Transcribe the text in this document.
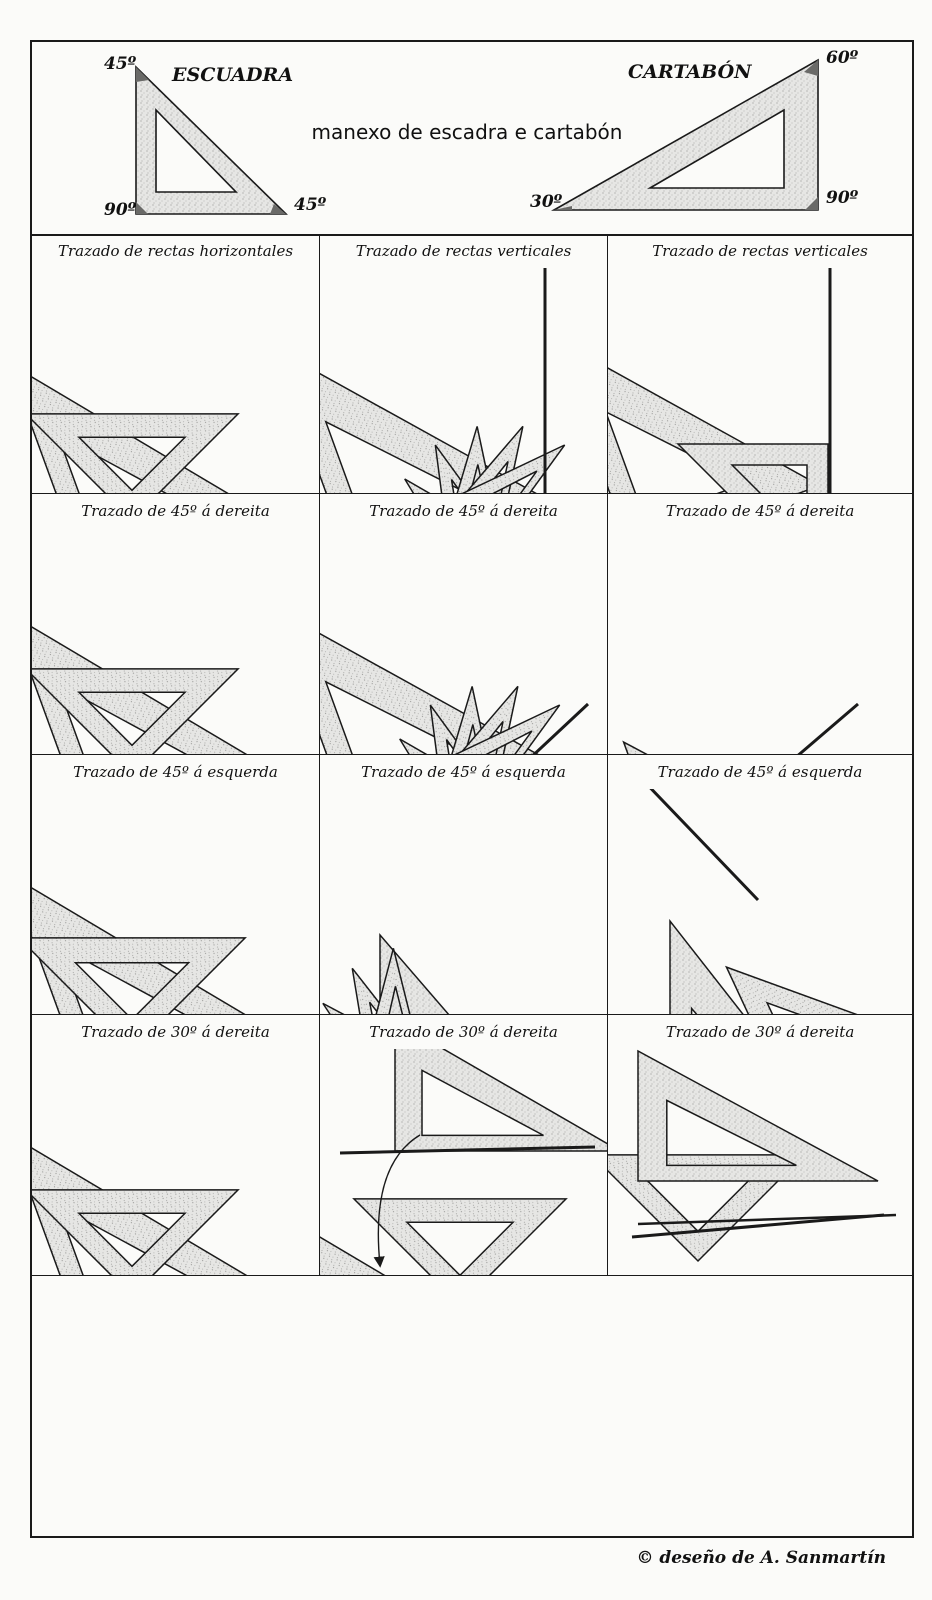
ESCUADRA	CARTABÓN
manexo de escadra e cartabón
45º
90º	45º
60º
30º	90º
Trazado de rectas horizontales	Trazado de rectas verticales	Trazado de rectas verticales
Trazado de 45º á dereita	Trazado de 45º á dereita	Trazado de 45º á dereita
Trazado de 45º á esquerda	Trazado de 45º á esquerda	Trazado de 45º á esquerda
Trazado de 30º á dereita	Trazado de 30º á dereita	Trazado de 30º á dereita
© deseño de A. Sanmartín
